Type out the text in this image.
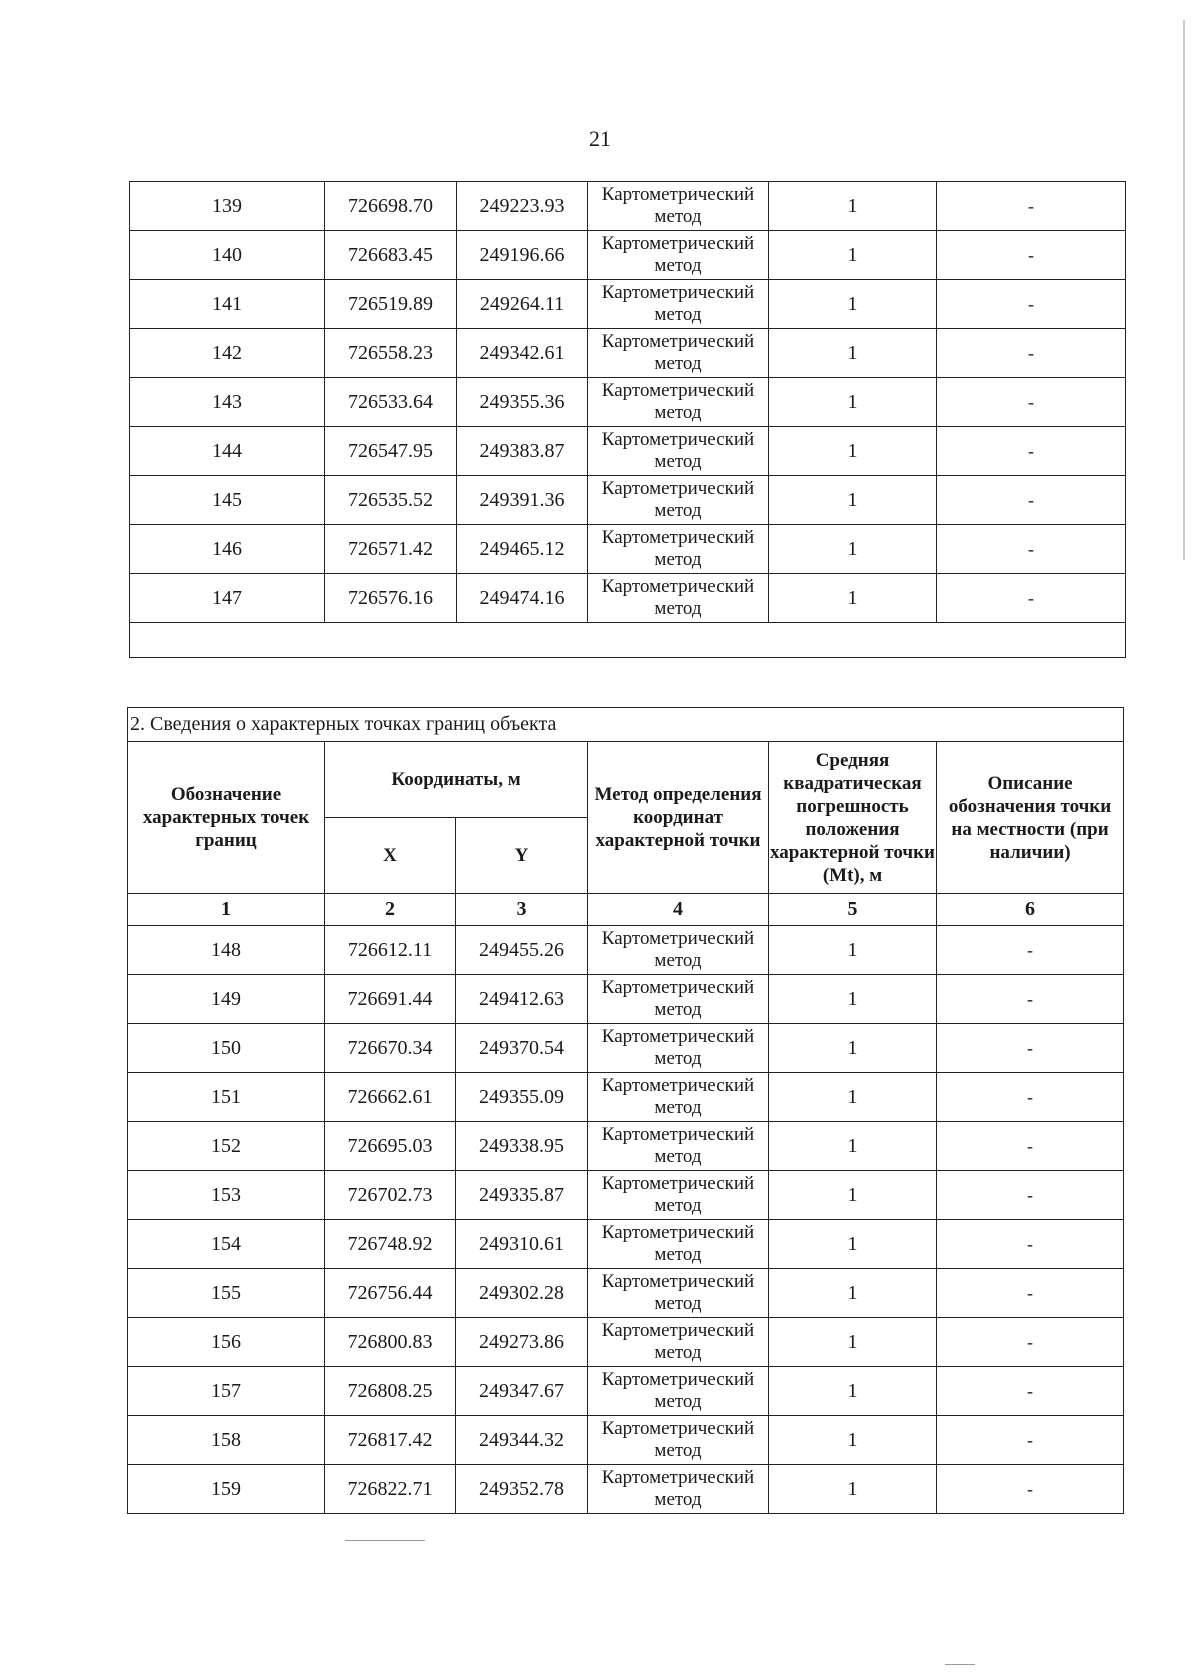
21
139	726698.70	249223.93	Картометрический метод	1	-
140	726683.45	249196.66	Картометрический метод	1	-
141	726519.89	249264.11	Картометрический метод	1	-
142	726558.23	249342.61	Картометрический метод	1	-
143	726533.64	249355.36	Картометрический метод	1	-
144	726547.95	249383.87	Картометрический метод	1	-
145	726535.52	249391.36	Картометрический метод	1	-
146	726571.42	249465.12	Картометрический метод	1	-
147	726576.16	249474.16	Картометрический метод	1	-

2. Сведения о характерных точках границ объекта					
Обозначение характерных точек границ	Координаты, м		Метод определения координат характерной точки	Средняя квадратическая погрешность положения характерной точки (Mt), м	Описание обозначения точки на местности (при наличии)
	X	Y			
1	2	3	4	5	6
148	726612.11	249455.26	Картометрический метод	1	-
149	726691.44	249412.63	Картометрический метод	1	-
150	726670.34	249370.54	Картометрический метод	1	-
151	726662.61	249355.09	Картометрический метод	1	-
152	726695.03	249338.95	Картометрический метод	1	-
153	726702.73	249335.87	Картометрический метод	1	-
154	726748.92	249310.61	Картометрический метод	1	-
155	726756.44	249302.28	Картометрический метод	1	-
156	726800.83	249273.86	Картометрический метод	1	-
157	726808.25	249347.67	Картометрический метод	1	-
158	726817.42	249344.32	Картометрический метод	1	-
159	726822.71	249352.78	Картометрический метод	1	-
